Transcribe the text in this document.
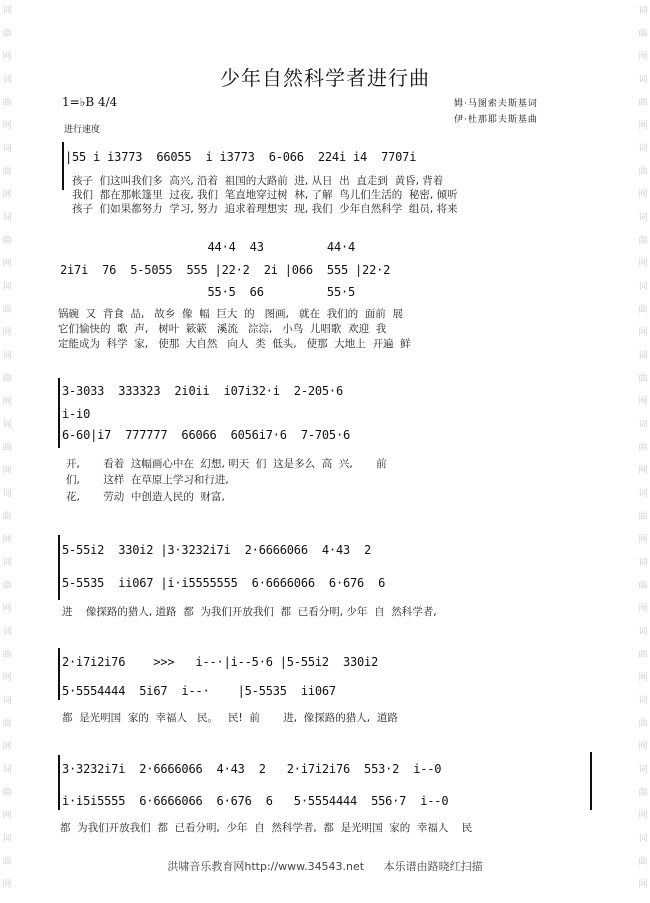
词
曲
网
词
曲
网
词
曲
网
词
曲
网
词
曲
网
词
曲
网
词
曲
网
词
曲
网
词
曲
网
词
曲
网
词
曲
网
词
曲
网
词
曲
网
词
曲
网
词
曲
网
词
曲
网
词
曲
网
词
曲
网
词
曲
网
词
曲
网
词
曲
网
词
曲
网
词
曲
网
词
曲
网
词
曲
网
词
曲
网
少年自然科学者进行曲
1=♭B 4/4
进行速度
姆·马图索夫斯基词
伊·杜那耶夫斯基曲
|55 i i3773  66055  i i3773  6-066  224i i4  7707i
孩子  们这叫我们多  高兴, 沿着  祖国的大路前  进, 从日  出  直走到  黄昏, 背着
我们  都在那帐篷里  过夜, 我们  笔直地穿过树  林, 了解  鸟儿们生活的  秘密, 倾听
孩子  们如果都努力  学习, 努力  追求着理想实  现, 我们  少年自然科学  组员, 将来
44·4  43         44·4
2i7i  76  5-5055  555 |22·2  2i |066  555 |22·2
55·5  66         55·5
锅碗  又  背食  品,   故乡  像  幅  巨大  的   图画,   就在  我们的  面前  展
它们愉快的  歌  声,   树叶  簌簌   溪流   淙淙,   小鸟  儿唱歌  欢迎  我
定能成为  科学  家,   使那  大自然   向人  类  低头,   使那  大地上  开遍  鲜
3-3033  333323  2i0ii  i07i32·i  2-205·6
i-i0
6-60|i7  777777  66066  6056i7·6  7-705·6
开,       看着  这幅画心中在  幻想, 明天  们  这是多么  高  兴,       前
们,       这样  在草原上学习和行进,
花,       劳动  中创造人民的  财富,
5-55i2  330i2 |3·3232i7i  2·6666066  4·43  2
5-5535  ii067 |i·i5555555  6·6666066  6·676  6
进    像探路的猎人, 道路  都  为我们开放我们  都  已看分明, 少年  自  然科学者,
2·i7i2i76    >>>   i--·|i--5·6 |5-55i2  330i2
5·5554444  5i67  i--·    |5-5535  ii067
都  是光明国  家的  幸福人   民。   民!  前       进,  像探路的猎人,  道路
3·3232i7i  2·6666066  4·43  2   2·i7i2i76  553·2  i--0
i·i5i5555  6·6666066  6·676  6   5·5554444  556·7  i--0
都  为我们开放我们  都  已看分明,  少年  自  然科学者,  都  是光明国  家的  幸福人    民
洪啸音乐教育网http://www.34543.net 本乐谱由路晓红扫描
